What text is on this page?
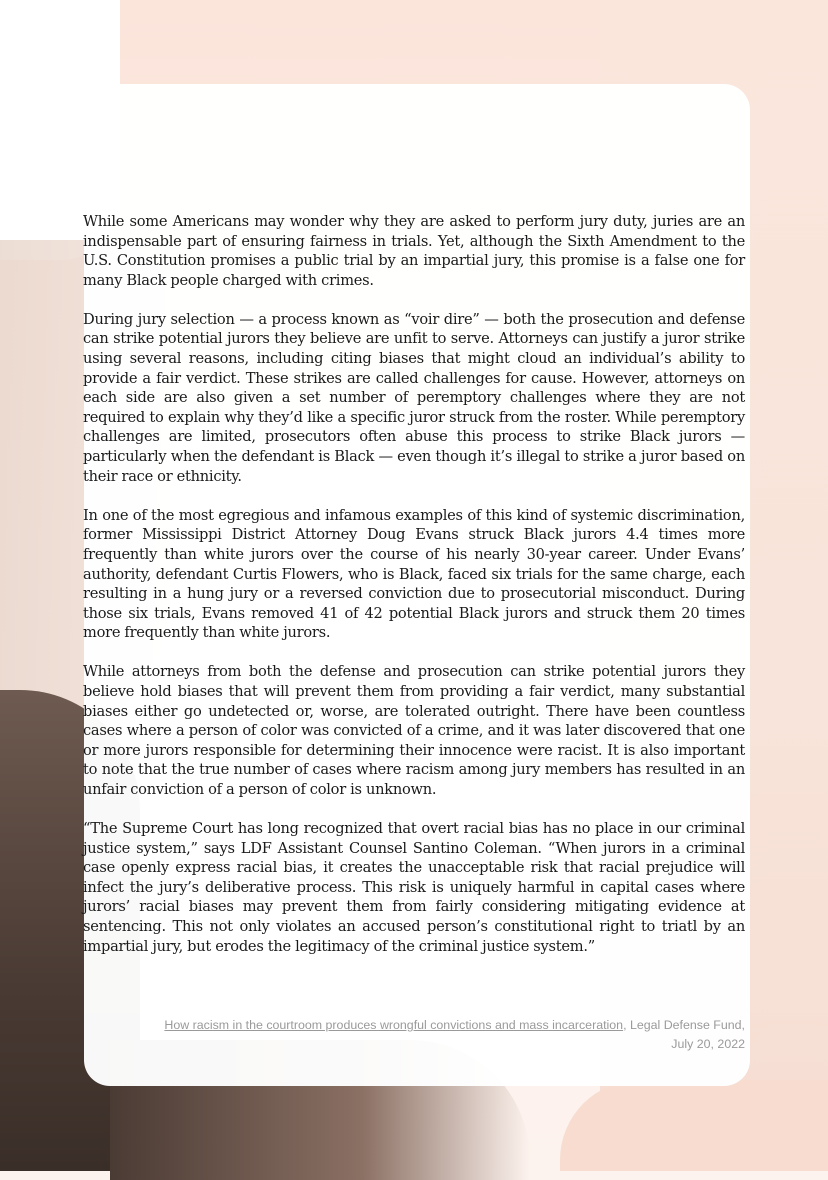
While some Americans may wonder why they are asked to perform jury duty, juries are an indispensable part of ensuring fairness in trials. Yet, although the Sixth Amendment to the U.S. Constitution promises a public trial by an impartial jury, this promise is a false one for many Black people charged with crimes.

During jury selection — a process known as “voir dire” — both the prosecution and defense can strike potential jurors they believe are unfit to serve. Attorneys can justify a juror strike using several reasons, including citing biases that might cloud an individual’s ability to provide a fair verdict. These strikes are called challenges for cause. However, attorneys on each side are also given a set number of peremptory challenges where they are not required to explain why they’d like a specific juror struck from the roster. While peremptory challenges are limited, prosecutors often abuse this process to strike Black jurors — particularly when the defendant is Black — even though it’s illegal to strike a juror based on their race or ethnicity.

In one of the most egregious and infamous examples of this kind of systemic discrimination, former Mississippi District Attorney Doug Evans struck Black jurors 4.4 times more frequently than white jurors over the course of his nearly 30-year career. Under Evans’ authority, defendant Curtis Flowers, who is Black, faced six trials for the same charge, each resulting in a hung jury or a reversed conviction due to prosecutorial misconduct. During those six trials, Evans removed 41 of 42 potential Black jurors and struck them 20 times more frequently than white jurors.

While attorneys from both the defense and prosecution can strike potential jurors they believe hold biases that will prevent them from providing a fair verdict, many substantial biases either go undetected or, worse, are tolerated outright. There have been countless cases where a person of color was convicted of a crime, and it was later discovered that one or more jurors responsible for determining their innocence were racist. It is also important to note that the true number of cases where racism among jury members has resulted in an unfair conviction of a person of color is unknown.

“The Supreme Court has long recognized that overt racial bias has no place in our criminal justice system,” says LDF Assistant Counsel Santino Coleman. “When jurors in a criminal case openly express racial bias, it creates the unacceptable risk that racial prejudice will infect the jury’s deliberative process. This risk is uniquely harmful in capital cases where jurors’ racial biases may prevent them from fairly considering mitigating evidence at sentencing. This not only violates an accused person’s constitutional right to triatl by an impartial jury, but erodes the legitimacy of the criminal justice system.”

How racism in the courtroom produces wrongful convictions and mass incarceration, Legal Defense Fund,
July 20, 2022
